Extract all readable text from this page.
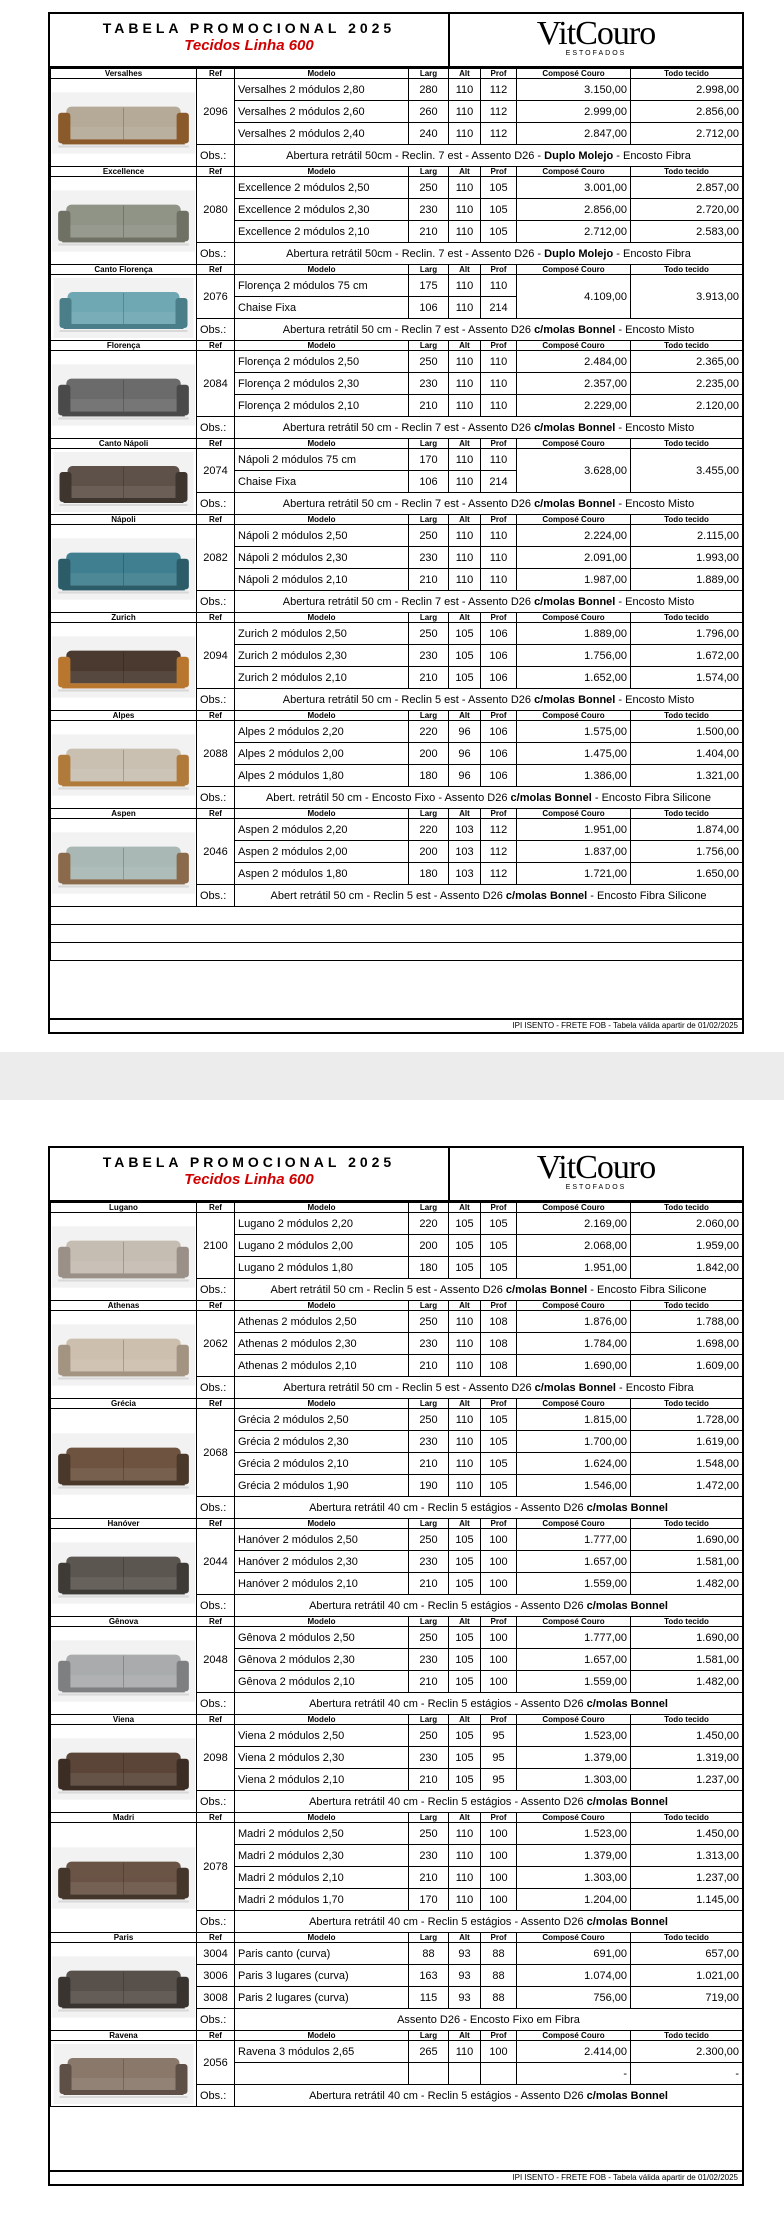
TABELA PROMOCIONAL 2025
Tecidos Linha 600	VitCouro
ESTOFADOS
Versalhes	Ref	Modelo	Larg	Alt	Prof	Composé Couro	Todo tecido

	2096	Versalhes 2 módulos 2,80	280	110	112	3.150,00	2.998,00
		Versalhes 2 módulos 2,60	260	110	112	2.999,00	2.856,00
		Versalhes 2 módulos 2,40	240	110	112	2.847,00	2.712,00
	Obs.:	Abertura retrátil 50cm - Reclin. 7 est - Assento D26 - Duplo Molejo - Encosto Fibra					
Excellence	Ref	Modelo	Larg	Alt	Prof	Composé Couro	Todo tecido

	2080	Excellence 2 módulos 2,50	250	110	105	3.001,00	2.857,00
		Excellence 2 módulos 2,30	230	110	105	2.856,00	2.720,00
		Excellence 2 módulos 2,10	210	110	105	2.712,00	2.583,00
	Obs.:	Abertura retrátil 50cm - Reclin. 7 est - Assento D26 - Duplo Molejo - Encosto Fibra					
Canto Florença	Ref	Modelo	Larg	Alt	Prof	Composé Couro	Todo tecido

	2076	Florença 2 módulos 75 cm	175	110	110	4.109,00	3.913,00
		Chaise Fixa	106	110	214		
	Obs.:	Abertura retrátil 50 cm - Reclin 7 est - Assento D26 c/molas Bonnel - Encosto Misto					
Florença	Ref	Modelo	Larg	Alt	Prof	Composé Couro	Todo tecido

	2084	Florença 2 módulos 2,50	250	110	110	2.484,00	2.365,00
		Florença 2 módulos 2,30	230	110	110	2.357,00	2.235,00
		Florença 2 módulos 2,10	210	110	110	2.229,00	2.120,00
	Obs.:	Abertura retrátil 50 cm - Reclin 7 est - Assento D26 c/molas Bonnel - Encosto Misto					
Canto Nápoli	Ref	Modelo	Larg	Alt	Prof	Composé Couro	Todo tecido

	2074	Nápoli 2 módulos 75 cm	170	110	110	3.628,00	3.455,00
		Chaise Fixa	106	110	214		
	Obs.:	Abertura retrátil 50 cm - Reclin 7 est - Assento D26 c/molas Bonnel - Encosto Misto					
Nápoli	Ref	Modelo	Larg	Alt	Prof	Composé Couro	Todo tecido

	2082	Nápoli 2 módulos 2,50	250	110	110	2.224,00	2.115,00
		Nápoli 2 módulos 2,30	230	110	110	2.091,00	1.993,00
		Nápoli 2 módulos 2,10	210	110	110	1.987,00	1.889,00
	Obs.:	Abertura retrátil 50 cm - Reclin 7 est - Assento D26 c/molas Bonnel - Encosto Misto					
Zurich	Ref	Modelo	Larg	Alt	Prof	Composé Couro	Todo tecido

	2094	Zurich 2 módulos 2,50	250	105	106	1.889,00	1.796,00
		Zurich 2 módulos 2,30	230	105	106	1.756,00	1.672,00
		Zurich 2 módulos 2,10	210	105	106	1.652,00	1.574,00
	Obs.:	Abertura retrátil 50 cm - Reclin 5 est - Assento D26 c/molas Bonnel - Encosto Misto					
Alpes	Ref	Modelo	Larg	Alt	Prof	Composé Couro	Todo tecido

	2088	Alpes 2 módulos 2,20	220	96	106	1.575,00	1.500,00
		Alpes 2 módulos 2,00	200	96	106	1.475,00	1.404,00
		Alpes 2 módulos 1,80	180	96	106	1.386,00	1.321,00
	Obs.:	Abert. retrátil 50 cm - Encosto Fixo - Assento D26 c/molas Bonnel - Encosto Fibra Silicone					
Aspen	Ref	Modelo	Larg	Alt	Prof	Composé Couro	Todo tecido

	2046	Aspen 2 módulos 2,20	220	103	112	1.951,00	1.874,00
		Aspen 2 módulos 2,00	200	103	112	1.837,00	1.756,00
		Aspen 2 módulos 1,80	180	103	112	1.721,00	1.650,00
	Obs.:	Abert retrátil 50 cm - Reclin 5 est - Assento D26 c/molas Bonnel - Encosto Fibra Silicone					

IPI ISENTO - FRETE FOB - Tabela válida apartir de 01/02/2025
TABELA PROMOCIONAL 2025
Tecidos Linha 600	VitCouro
ESTOFADOS
Lugano	Ref	Modelo	Larg	Alt	Prof	Composé Couro	Todo tecido

	2100	Lugano 2 módulos 2,20	220	105	105	2.169,00	2.060,00
		Lugano 2 módulos 2,00	200	105	105	2.068,00	1.959,00
		Lugano 2 módulos 1,80	180	105	105	1.951,00	1.842,00
	Obs.:	Abert retrátil 50 cm - Reclin 5 est - Assento D26 c/molas Bonnel - Encosto Fibra Silicone					
Athenas	Ref	Modelo	Larg	Alt	Prof	Composé Couro	Todo tecido

	2062	Athenas 2 módulos 2,50	250	110	108	1.876,00	1.788,00
		Athenas 2 módulos 2,30	230	110	108	1.784,00	1.698,00
		Athenas 2 módulos 2,10	210	110	108	1.690,00	1.609,00
	Obs.:	Abertura retrátil 50 cm - Reclin 5 est - Assento D26 c/molas Bonnel - Encosto Fibra					
Grécia	Ref	Modelo	Larg	Alt	Prof	Composé Couro	Todo tecido

	2068	Grécia 2 módulos 2,50	250	110	105	1.815,00	1.728,00
		Grécia 2 módulos 2,30	230	110	105	1.700,00	1.619,00
		Grécia 2 módulos 2,10	210	110	105	1.624,00	1.548,00
		Grécia 2 módulos 1,90	190	110	105	1.546,00	1.472,00
	Obs.:	Abertura retrátil 40 cm - Reclin 5 estágios - Assento D26 c/molas Bonnel					
Hanóver	Ref	Modelo	Larg	Alt	Prof	Composé Couro	Todo tecido

	2044	Hanóver 2 módulos 2,50	250	105	100	1.777,00	1.690,00
		Hanóver 2 módulos 2,30	230	105	100	1.657,00	1.581,00
		Hanóver 2 módulos 2,10	210	105	100	1.559,00	1.482,00
	Obs.:	Abertura retrátil 40 cm - Reclin 5 estágios - Assento D26 c/molas Bonnel					
Gênova	Ref	Modelo	Larg	Alt	Prof	Composé Couro	Todo tecido

	2048	Gênova 2 módulos 2,50	250	105	100	1.777,00	1.690,00
		Gênova 2 módulos 2,30	230	105	100	1.657,00	1.581,00
		Gênova 2 módulos 2,10	210	105	100	1.559,00	1.482,00
	Obs.:	Abertura retrátil 40 cm - Reclin 5 estágios - Assento D26 c/molas Bonnel					
Viena	Ref	Modelo	Larg	Alt	Prof	Composé Couro	Todo tecido

	2098	Viena 2 módulos 2,50	250	105	95	1.523,00	1.450,00
		Viena 2 módulos 2,30	230	105	95	1.379,00	1.319,00
		Viena 2 módulos 2,10	210	105	95	1.303,00	1.237,00
	Obs.:	Abertura retrátil 40 cm - Reclin 5 estágios - Assento D26 c/molas Bonnel					
Madri	Ref	Modelo	Larg	Alt	Prof	Composé Couro	Todo tecido

	2078	Madri 2 módulos 2,50	250	110	100	1.523,00	1.450,00
		Madri 2 módulos 2,30	230	110	100	1.379,00	1.313,00
		Madri 2 módulos 2,10	210	110	100	1.303,00	1.237,00
		Madri 2 módulos 1,70	170	110	100	1.204,00	1.145,00
	Obs.:	Abertura retrátil 40 cm - Reclin 5 estágios - Assento D26 c/molas Bonnel					
Paris	Ref	Modelo	Larg	Alt	Prof	Composé Couro	Todo tecido

	3004	Paris canto (curva)	88	93	88	691,00	657,00
	3006	Paris 3 lugares (curva)	163	93	88	1.074,00	1.021,00
	3008	Paris 2 lugares (curva)	115	93	88	756,00	719,00
	Obs.:	Assento D26 - Encosto Fixo em Fibra					
Ravena	Ref	Modelo	Larg	Alt	Prof	Composé Couro	Todo tecido

	2056	Ravena 3 módulos 2,65	265	110	100	2.414,00	2.300,00
						-	-
	Obs.:	Abertura retrátil 40 cm - Reclin 5 estágios - Assento D26 c/molas Bonnel					
IPI ISENTO - FRETE FOB - Tabela válida apartir de 01/02/2025
